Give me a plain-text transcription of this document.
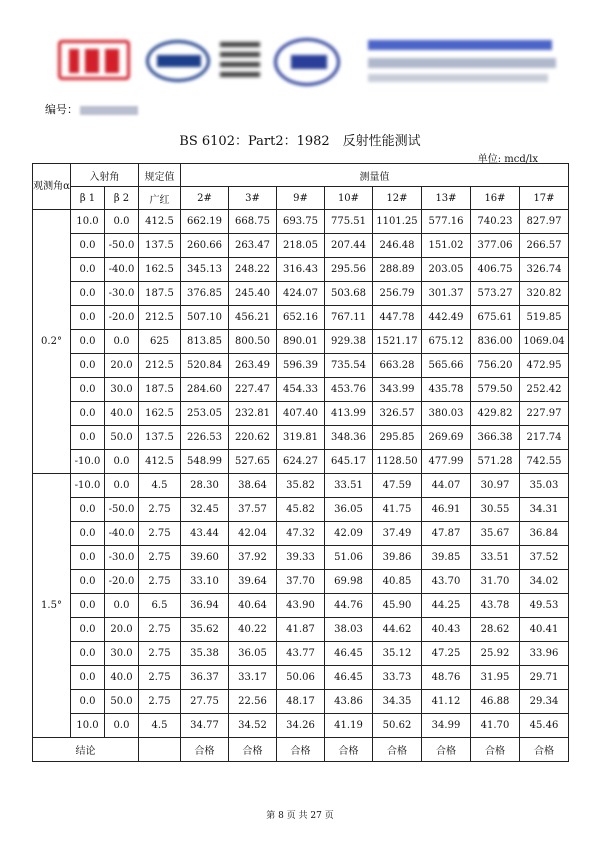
编号：
BS 6102：Part2：1982　反射性能测试
单位: mcd/lx
观测角α	入射角		规定值	测量值							
	β 1	β 2	广红	2#	3#	9#	10#	12#	13#	16#	17#
0.2°	10.0	0.0	412.5	662.19	668.75	693.75	775.51	1101.25	577.16	740.23	827.97
	0.0	-50.0	137.5	260.66	263.47	218.05	207.44	246.48	151.02	377.06	266.57
	0.0	-40.0	162.5	345.13	248.22	316.43	295.56	288.89	203.05	406.75	326.74
	0.0	-30.0	187.5	376.85	245.40	424.07	503.68	256.79	301.37	573.27	320.82
	0.0	-20.0	212.5	507.10	456.21	652.16	767.11	447.78	442.49	675.61	519.85
	0.0	0.0	625	813.85	800.50	890.01	929.38	1521.17	675.12	836.00	1069.04
	0.0	20.0	212.5	520.84	263.49	596.39	735.54	663.28	565.66	756.20	472.95
	0.0	30.0	187.5	284.60	227.47	454.33	453.76	343.99	435.78	579.50	252.42
	0.0	40.0	162.5	253.05	232.81	407.40	413.99	326.57	380.03	429.82	227.97
	0.0	50.0	137.5	226.53	220.62	319.81	348.36	295.85	269.69	366.38	217.74
	-10.0	0.0	412.5	548.99	527.65	624.27	645.17	1128.50	477.99	571.28	742.55
1.5°	-10.0	0.0	4.5	28.30	38.64	35.82	33.51	47.59	44.07	30.97	35.03
	0.0	-50.0	2.75	32.45	37.57	45.82	36.05	41.75	46.91	30.55	34.31
	0.0	-40.0	2.75	43.44	42.04	47.32	42.09	37.49	47.87	35.67	36.84
	0.0	-30.0	2.75	39.60	37.92	39.33	51.06	39.86	39.85	33.51	37.52
	0.0	-20.0	2.75	33.10	39.64	37.70	69.98	40.85	43.70	31.70	34.02
	0.0	0.0	6.5	36.94	40.64	43.90	44.76	45.90	44.25	43.78	49.53
	0.0	20.0	2.75	35.62	40.22	41.87	38.03	44.62	40.43	28.62	40.41
	0.0	30.0	2.75	35.38	36.05	43.77	46.45	35.12	47.25	25.92	33.96
	0.0	40.0	2.75	36.37	33.17	50.06	46.45	33.73	48.76	31.95	29.71
	0.0	50.0	2.75	27.75	22.56	48.17	43.86	34.35	41.12	46.88	29.34
	10.0	0.0	4.5	34.77	34.52	34.26	41.19	50.62	34.99	41.70	45.46
结论				合格	合格	合格	合格	合格	合格	合格	合格
第 8 页 共 27 页
